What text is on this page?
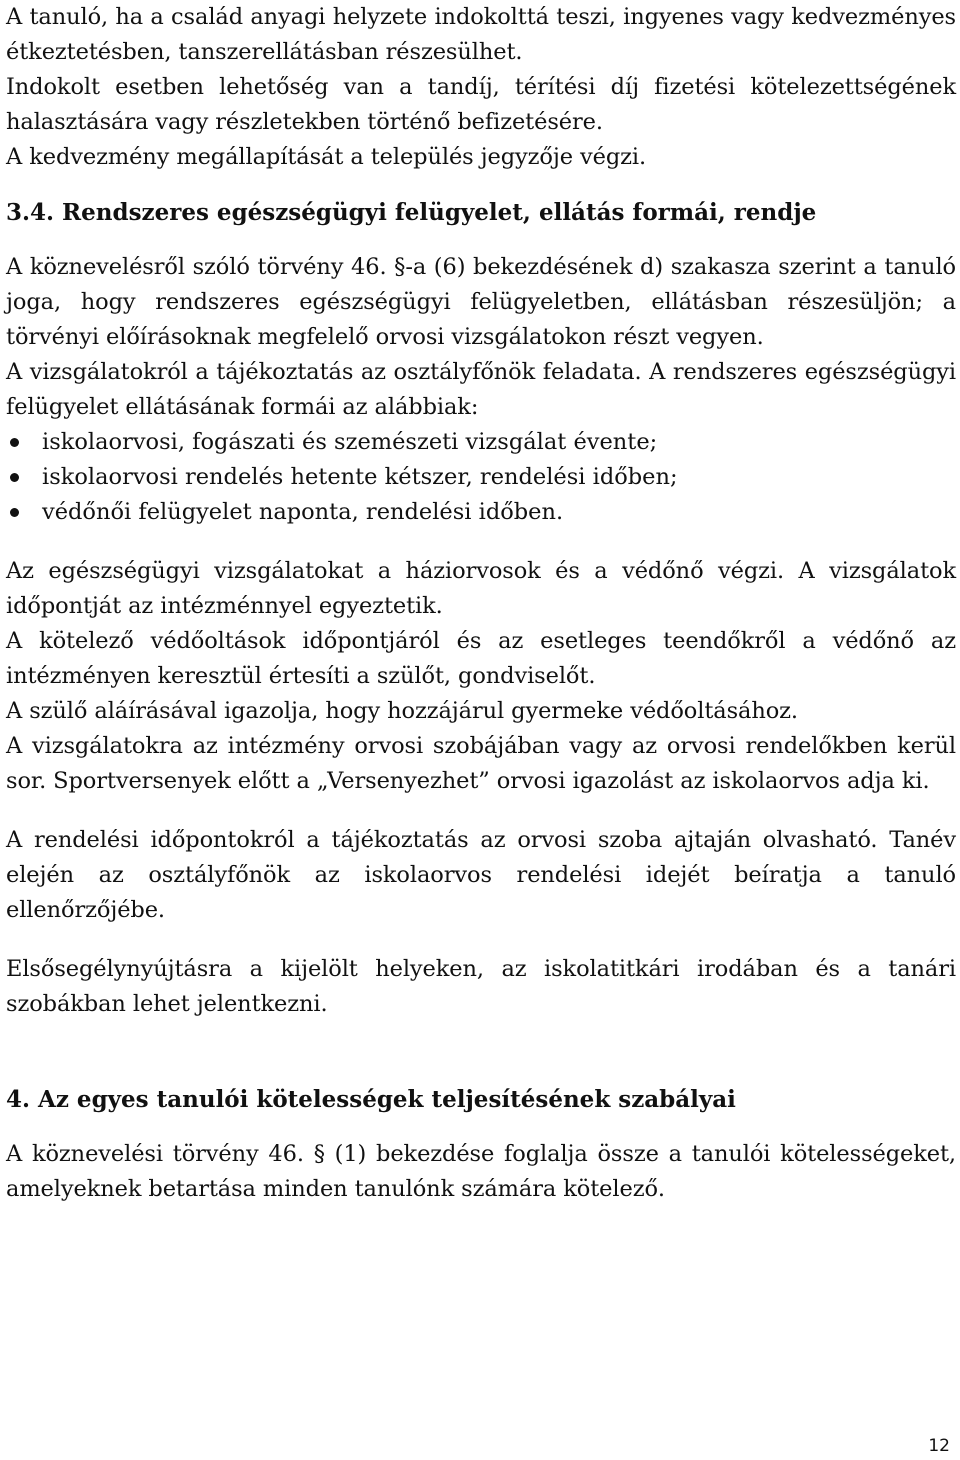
A tanuló, ha a család anyagi helyzete indokolttá teszi, ingyenes vagy kedvezményes étkeztetésben, tanszerellátásban részesülhet.

Indokolt esetben lehetőség van a tandíj, térítési díj fizetési kötelezettségének halasztására vagy részletekben történő befizetésére.

A kedvezmény megállapítását a település jegyzője végzi.

3.4. Rendszeres egészségügyi felügyelet, ellátás formái, rendje

A köznevelésről szóló törvény 46. §-a (6) bekezdésének d) szakasza szerint a tanuló joga, hogy rendszeres egészségügyi felügyeletben, ellátásban részesüljön; a törvényi előírásoknak megfelelő orvosi vizsgálatokon részt vegyen.

A vizsgálatokról a tájékoztatás az osztályfőnök feladata. A rendszeres egészségügyi felügyelet ellátásának formái az alábbiak:

iskolaorvosi, fogászati és szemészeti vizsgálat évente;
iskolaorvosi rendelés hetente kétszer, rendelési időben;
védőnői felügyelet naponta, rendelési időben.

Az egészségügyi vizsgálatokat a háziorvosok és a védőnő végzi. A vizsgálatok időpontját az intézménnyel egyeztetik.

A kötelező védőoltások időpontjáról és az esetleges teendőkről a védőnő az intézményen keresztül értesíti a szülőt, gondviselőt.

A szülő aláírásával igazolja, hogy hozzájárul gyermeke védőoltásához.

A vizsgálatokra az intézmény orvosi szobájában vagy az orvosi rendelőkben kerül sor. Sportversenyek előtt a „Versenyezhet” orvosi igazolást az iskolaorvos adja ki.

A rendelési időpontokról a tájékoztatás az orvosi szoba ajtaján olvasható. Tanév elején az osztályfőnök az iskolaorvos rendelési idejét beíratja a tanuló ellenőrzőjébe.

Elsősegélynyújtásra a kijelölt helyeken, az iskolatitkári irodában és a tanári szobákban lehet jelentkezni.

4. Az egyes tanulói kötelességek teljesítésének szabályai

A köznevelési törvény 46. § (1) bekezdése foglalja össze a tanulói kötelességeket, amelyeknek betartása minden tanulónk számára kötelező.

12
